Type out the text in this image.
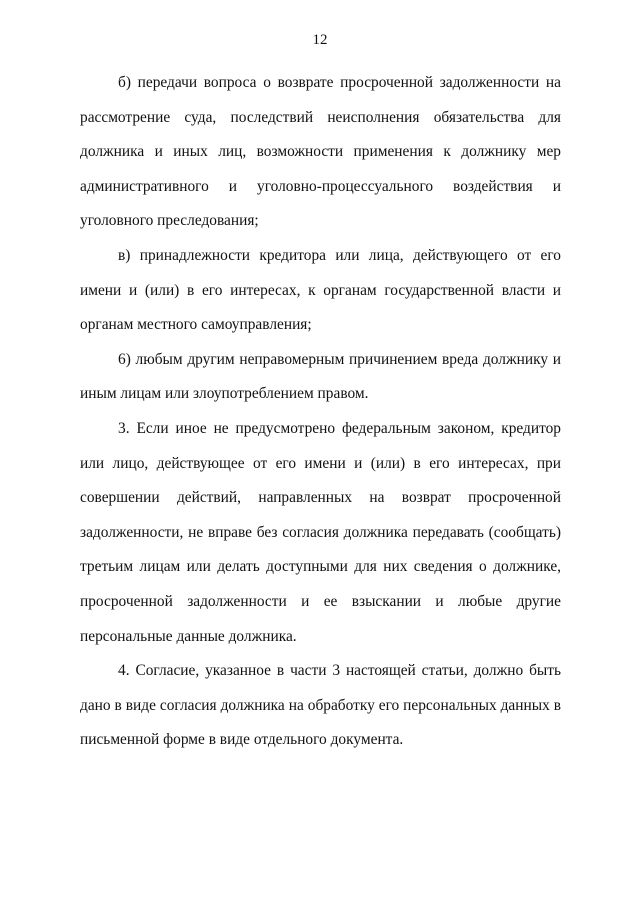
12

б) передачи вопроса о возврате просроченной задолженности на рассмотрение суда, последствий неисполнения обязательства для должника и иных лиц, возможности применения к должнику мер административного и уголовно-процессуального воздействия и уголовного преследования;

в) принадлежности кредитора или лица, действующего от его имени и (или) в его интересах, к органам государственной власти и органам местного самоуправления;

6) любым другим неправомерным причинением вреда должнику и иным лицам или злоупотреблением правом.

3. Если иное не предусмотрено федеральным законом, кредитор или лицо, действующее от его имени и (или) в его интересах, при совершении действий, направленных на возврат просроченной задолженности, не вправе без согласия должника передавать (сообщать) третьим лицам или делать доступными для них сведения о должнике, просроченной задолженности и ее взыскании и любые другие персональные данные должника.

4. Согласие, указанное в части 3 настоящей статьи, должно быть дано в виде согласия должника на обработку его персональных данных в письменной форме в виде отдельного документа.
